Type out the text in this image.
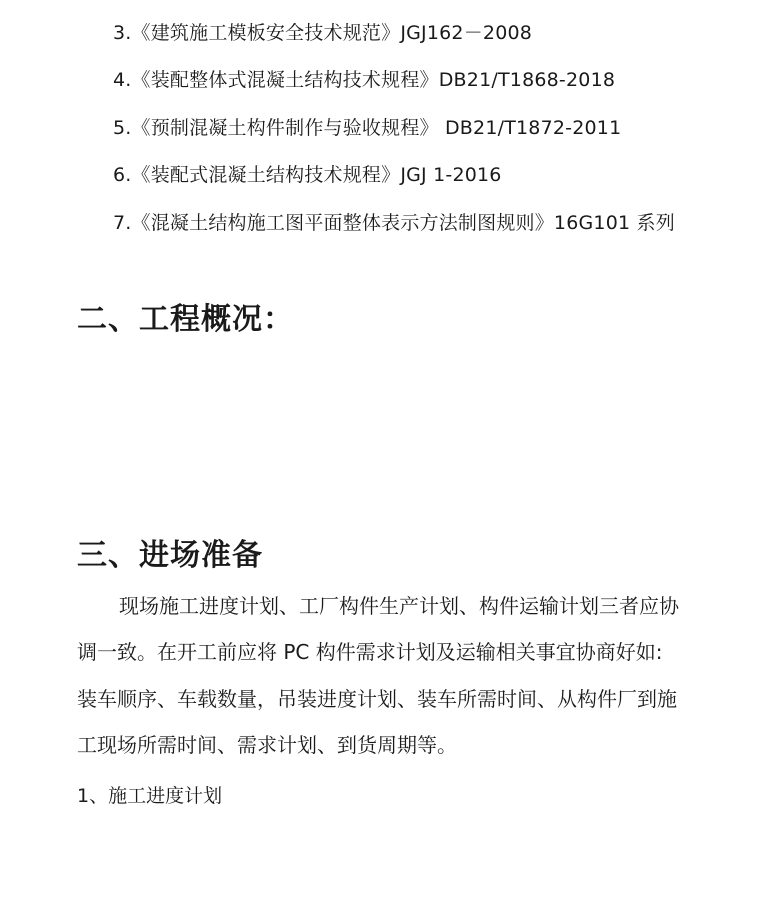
3.《建筑施工模板安全技术规范》JGJ162－2008
4.《装配整体式混凝土结构技术规程》DB21/T1868-2018
5.《预制混凝土构件制作与验收规程》 DB21/T1872-2011
6.《装配式混凝土结构技术规程》JGJ 1-2016
7.《混凝土结构施工图平面整体表示方法制图规则》16G101 系列
二、工程概况：
三、进场准备
现场施工进度计划、工厂构件生产计划、构件运输计划三者应协
调一致。在开工前应将 PC 构件需求计划及运输相关事宜协商好如:
装车顺序、车载数量，吊装进度计划、装车所需时间、从构件厂到施
工现场所需时间、需求计划、到货周期等。
1、施工进度计划
